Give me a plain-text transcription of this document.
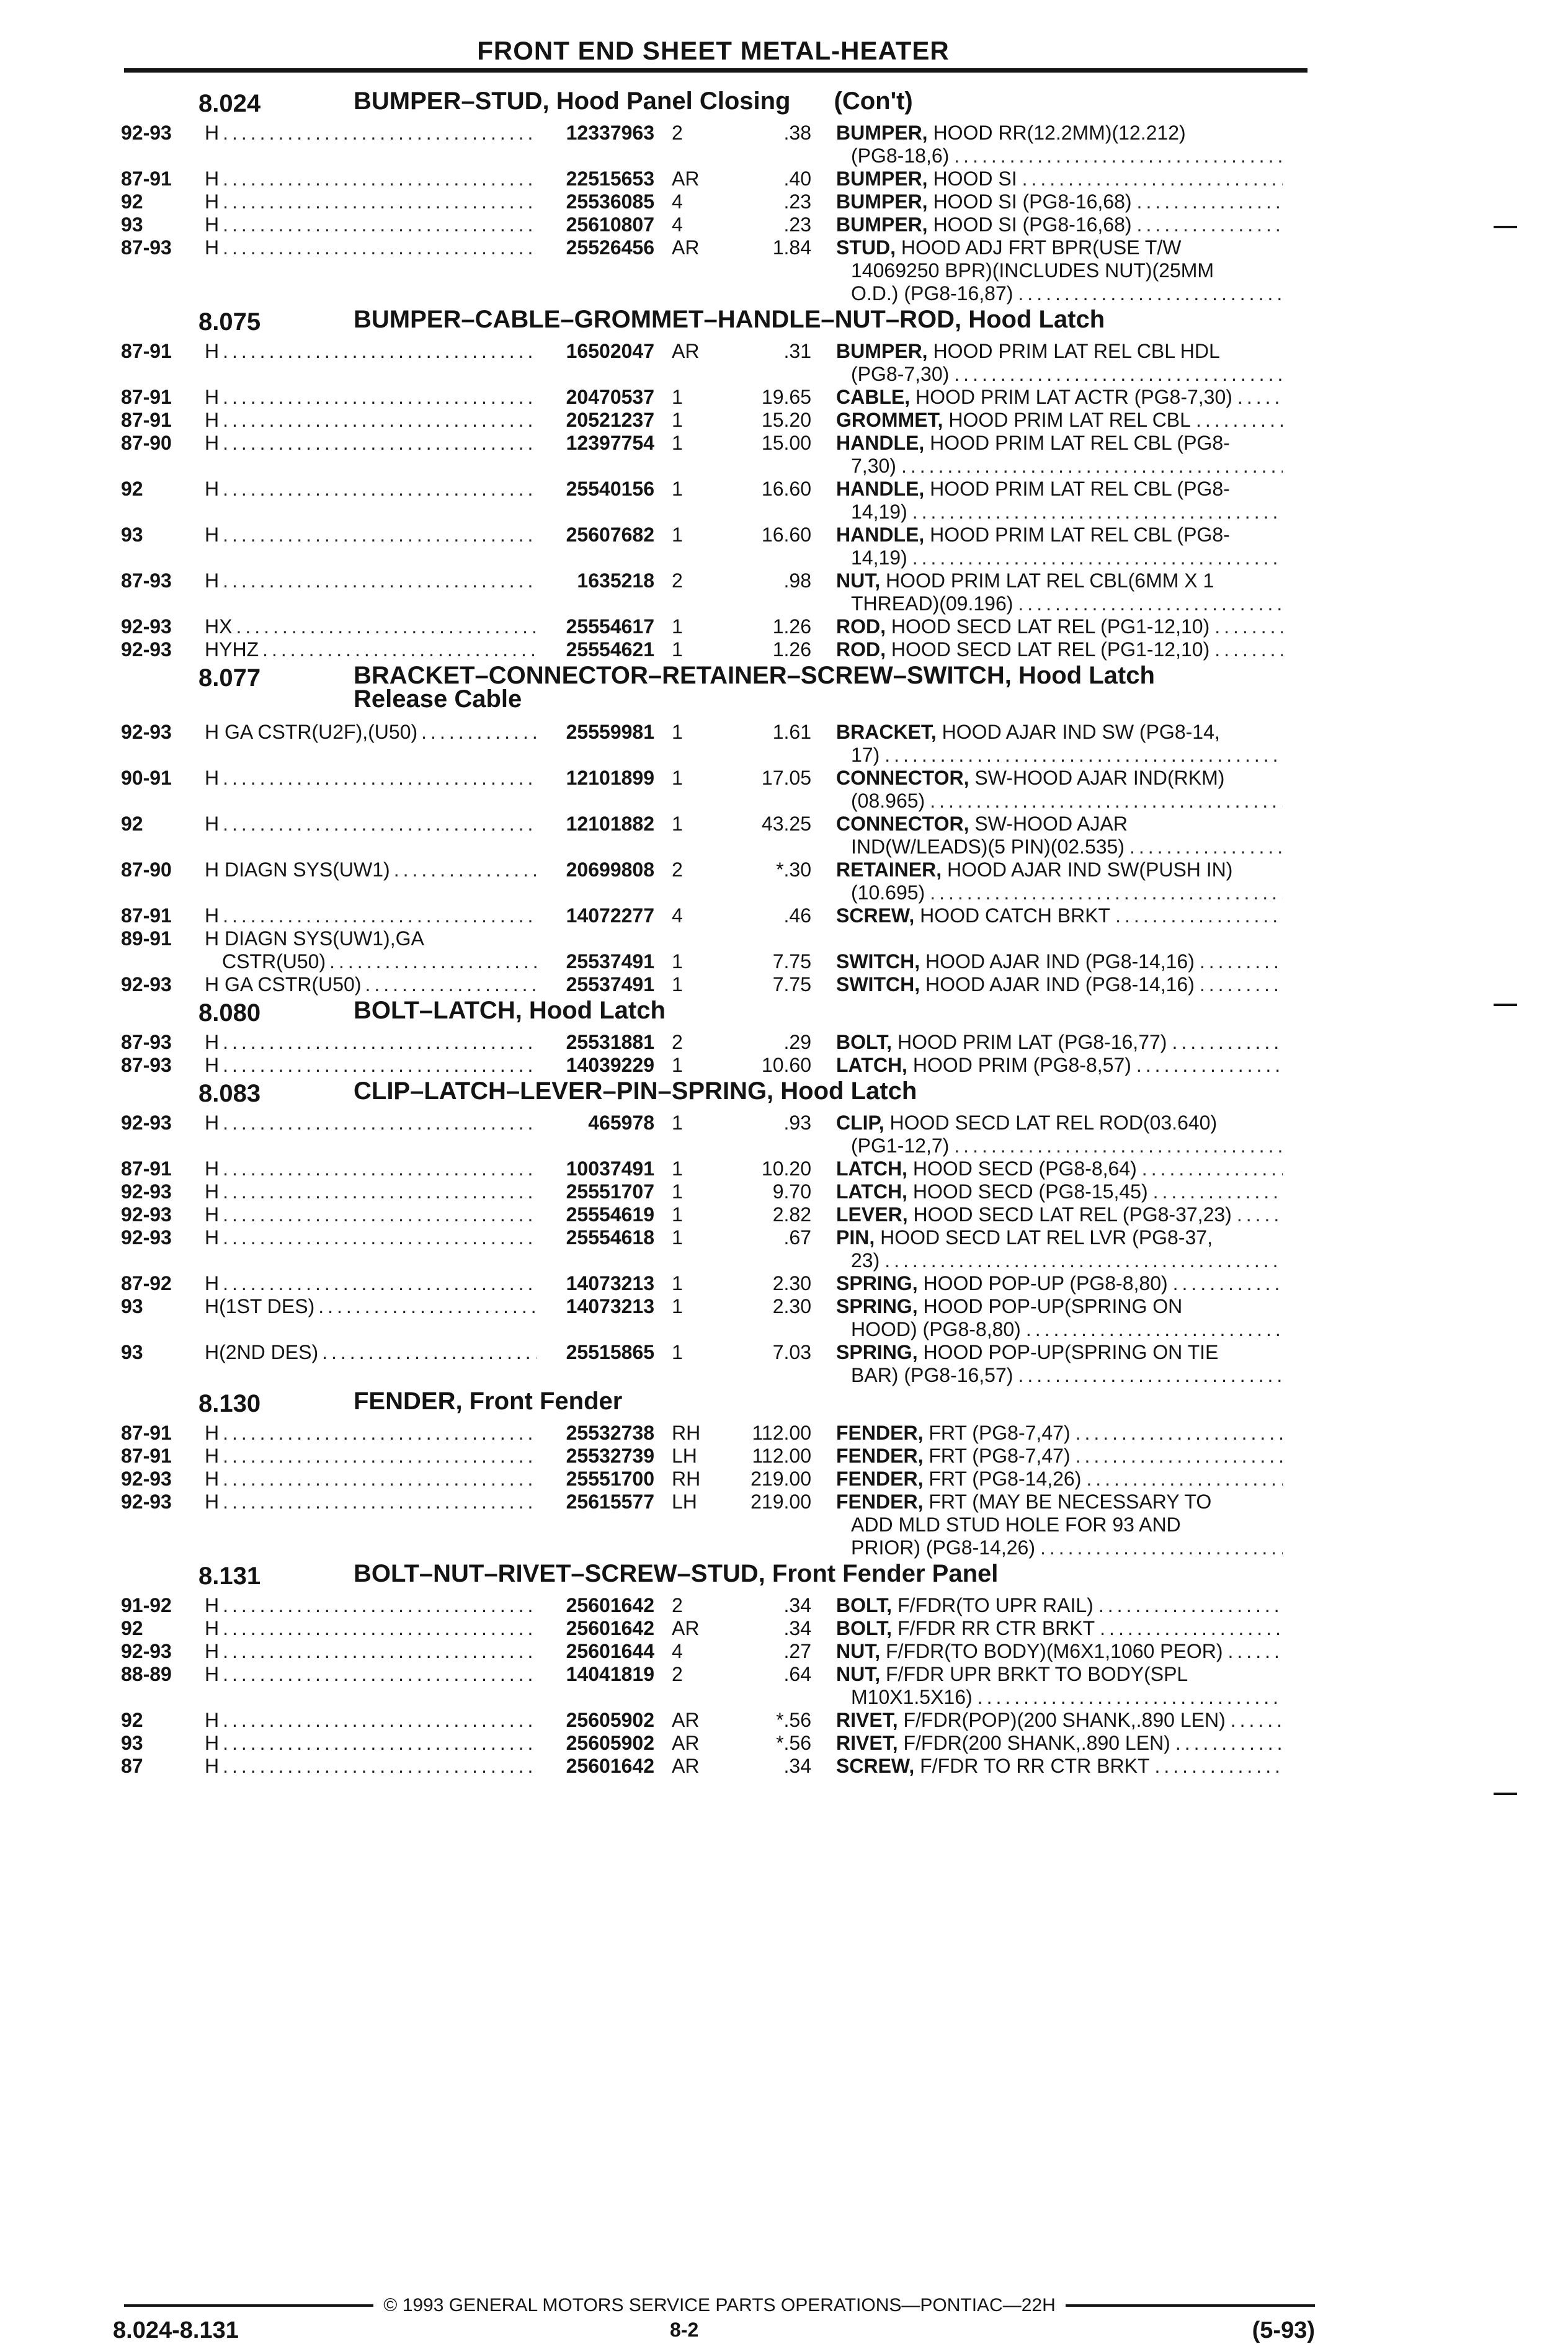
FRONT END SHEET METAL-HEATER
8.024	BUMPER–STUD, Hood Panel Closing (Con't)
92-93	H .....	12337963 2	.38 BUMPER, HOOD RR(12.2MM)(12.212)
(PG8-18,6)
.....
87-91	H .....	22515653 AR	.40 BUMPER, HOOD SI
.....
92	H .....	25536085 4	.23 BUMPER, HOOD SI (PG8-16,68)
.....
93	H .....	25610807 4	.23 BUMPER, HOOD SI (PG8-16,68)
.....
87-93	H .....	25526456 AR	1.84 STUD, HOOD ADJ FRT BPR(USE T/W
14069250 BPR)(INCLUDES NUT)(25MM
O.D.) (PG8-16,87)
.....
8.075	BUMPER–CABLE–GROMMET–HANDLE–NUT–ROD, Hood Latch
87-91	H .....	16502047 AR	.31 BUMPER, HOOD PRIM LAT REL CBL HDL
(PG8-7,30)
.....
87-91	H .....	20470537 1	19.65 CABLE, HOOD PRIM LAT ACTR (PG8-7,30)
.....
87-91	H .....	20521237 1	15.20 GROMMET, HOOD PRIM LAT REL CBL
.....
87-90	H .....	12397754 1	15.00 HANDLE, HOOD PRIM LAT REL CBL (PG8-
7,30)
.....
92	H .....	25540156 1	16.60 HANDLE, HOOD PRIM LAT REL CBL (PG8-
14,19)
.....
93	H .....	25607682 1	16.60 HANDLE, HOOD PRIM LAT REL CBL (PG8-
14,19)
.....
87-93	H .....	1635218 2	.98 NUT, HOOD PRIM LAT REL CBL(6MM X 1
THREAD)(09.196)
.....
92-93	HX .....	25554617 1	1.26 ROD, HOOD SECD LAT REL (PG1-12,10)
.....
92-93	HYHZ .....	25554621 1	1.26 ROD, HOOD SECD LAT REL (PG1-12,10)
.....
8.077	BRACKET–CONNECTOR–RETAINER–SCREW–SWITCH, Hood Latch
Release Cable
92-93	H GA CSTR(U2F),(U50) .....	25559981 1	1.61 BRACKET, HOOD AJAR IND SW (PG8-14,
17)
.....
90-91	H .....	12101899 1	17.05 CONNECTOR, SW-HOOD AJAR IND(RKM)
(08.965)
.....
92	H .....	12101882 1	43.25 CONNECTOR, SW-HOOD AJAR
IND(W/LEADS)(5 PIN)(02.535)
.....
87-90	H DIAGN SYS(UW1) .....	20699808 2	*.30 RETAINER, HOOD AJAR IND SW(PUSH IN)
(10.695)
.....
87-91	H .....	14072277 4	.46 SCREW, HOOD CATCH BRKT
.....
89-91	H DIAGN SYS(UW1),GA
CSTR(U50) .....	25537491 1	7.75 SWITCH, HOOD AJAR IND (PG8-14,16)
.....
92-93	H GA CSTR(U50) .....	25537491 1	7.75 SWITCH, HOOD AJAR IND (PG8-14,16)
.....
8.080	BOLT–LATCH, Hood Latch
87-93	H .....	25531881 2	.29 BOLT, HOOD PRIM LAT (PG8-16,77)
.....
87-93	H .....	14039229 1	10.60 LATCH, HOOD PRIM (PG8-8,57)
.....
8.083	CLIP–LATCH–LEVER–PIN–SPRING, Hood Latch
92-93	H .....	465978 1	.93 CLIP, HOOD SECD LAT REL ROD(03.640)
(PG1-12,7)
.....
87-91	H .....	10037491 1	10.20 LATCH, HOOD SECD (PG8-8,64)
.....
92-93	H .....	25551707 1	9.70 LATCH, HOOD SECD (PG8-15,45)
.....
92-93	H .....	25554619 1	2.82 LEVER, HOOD SECD LAT REL (PG8-37,23)
.....
92-93	H .....	25554618 1	.67 PIN, HOOD SECD LAT REL LVR (PG8-37,
23)
.....
87-92	H .....	14073213 1	2.30 SPRING, HOOD POP-UP (PG8-8,80)
.....
93	H(1ST DES) .....	14073213 1	2.30 SPRING, HOOD POP-UP(SPRING ON
HOOD) (PG8-8,80)
.....
93	H(2ND DES) .....	25515865 1	7.03 SPRING, HOOD POP-UP(SPRING ON TIE
BAR) (PG8-16,57)
.....
8.130	FENDER, Front Fender
87-91	H .....	25532738 RH	112.00 FENDER, FRT (PG8-7,47)
.....
87-91	H .....	25532739 LH	112.00 FENDER, FRT (PG8-7,47)
.....
92-93	H .....	25551700 RH	219.00 FENDER, FRT (PG8-14,26)
.....
92-93	H .....	25615577 LH	219.00 FENDER, FRT (MAY BE NECESSARY TO
ADD MLD STUD HOLE FOR 93 AND
PRIOR) (PG8-14,26)
.....
8.131	BOLT–NUT–RIVET–SCREW–STUD, Front Fender Panel
91-92	H .....	25601642 2	.34 BOLT, F/FDR(TO UPR RAIL)
.....
92	H .....	25601642 AR	.34 BOLT, F/FDR RR CTR BRKT
.....
92-93	H .....	25601644 4	.27 NUT, F/FDR(TO BODY)(M6X1,1060 PEOR)
.....
88-89	H .....	14041819 2	.64 NUT, F/FDR UPR BRKT TO BODY(SPL
M10X1.5X16)
.....
92	H .....	25605902 AR	*.56 RIVET, F/FDR(POP)(200 SHANK,.890 LEN)
.....
93	H .....	25605902 AR	*.56 RIVET, F/FDR(200 SHANK,.890 LEN)
.....
87	H .....	25601642 AR	.34 SCREW, F/FDR TO RR CTR BRKT
.....
© 1993 GENERAL MOTORS SERVICE PARTS OPERATIONS—PONTIAC—22H
8.024-8.131	8-2	(5-93)
